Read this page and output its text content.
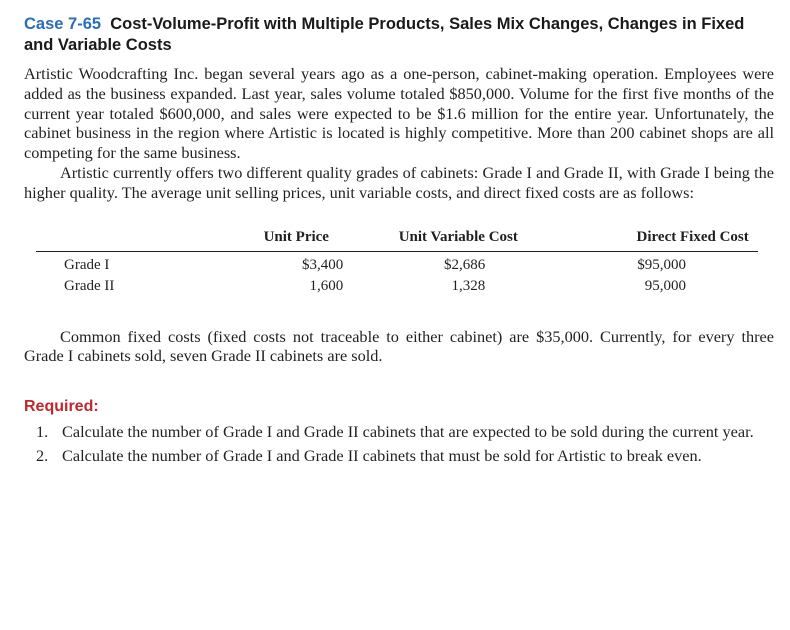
Case 7-65 Cost-Volume-Profit with Multiple Products, Sales Mix Changes, Changes in Fixed and Variable Costs

Artistic Woodcrafting Inc. began several years ago as a one-person, cabinet-making operation. Employees were added as the business expanded. Last year, sales volume totaled $850,000. Volume for the first five months of the current year totaled $600,000, and sales were expected to be $1.6 million for the entire year. Unfortunately, the cabinet business in the region where Artistic is located is highly competitive. More than 200 cabinet shops are all competing for the same business.

Artistic currently offers two different quality grades of cabinets: Grade I and Grade II, with Grade I being the higher quality. The average unit selling prices, unit variable costs, and direct fixed costs are as follows:

	Unit Price	Unit Variable Cost	Direct Fixed Cost
Grade I	$3,400	$2,686	$95,000
Grade II	1,600	1,328	95,000

Common fixed costs (fixed costs not traceable to either cabinet) are $35,000. Currently, for every three Grade I cabinets sold, seven Grade II cabinets are sold.

Required:
1. Calculate the number of Grade I and Grade II cabinets that are expected to be sold during the current year.
2. Calculate the number of Grade I and Grade II cabinets that must be sold for Artistic to break even.
